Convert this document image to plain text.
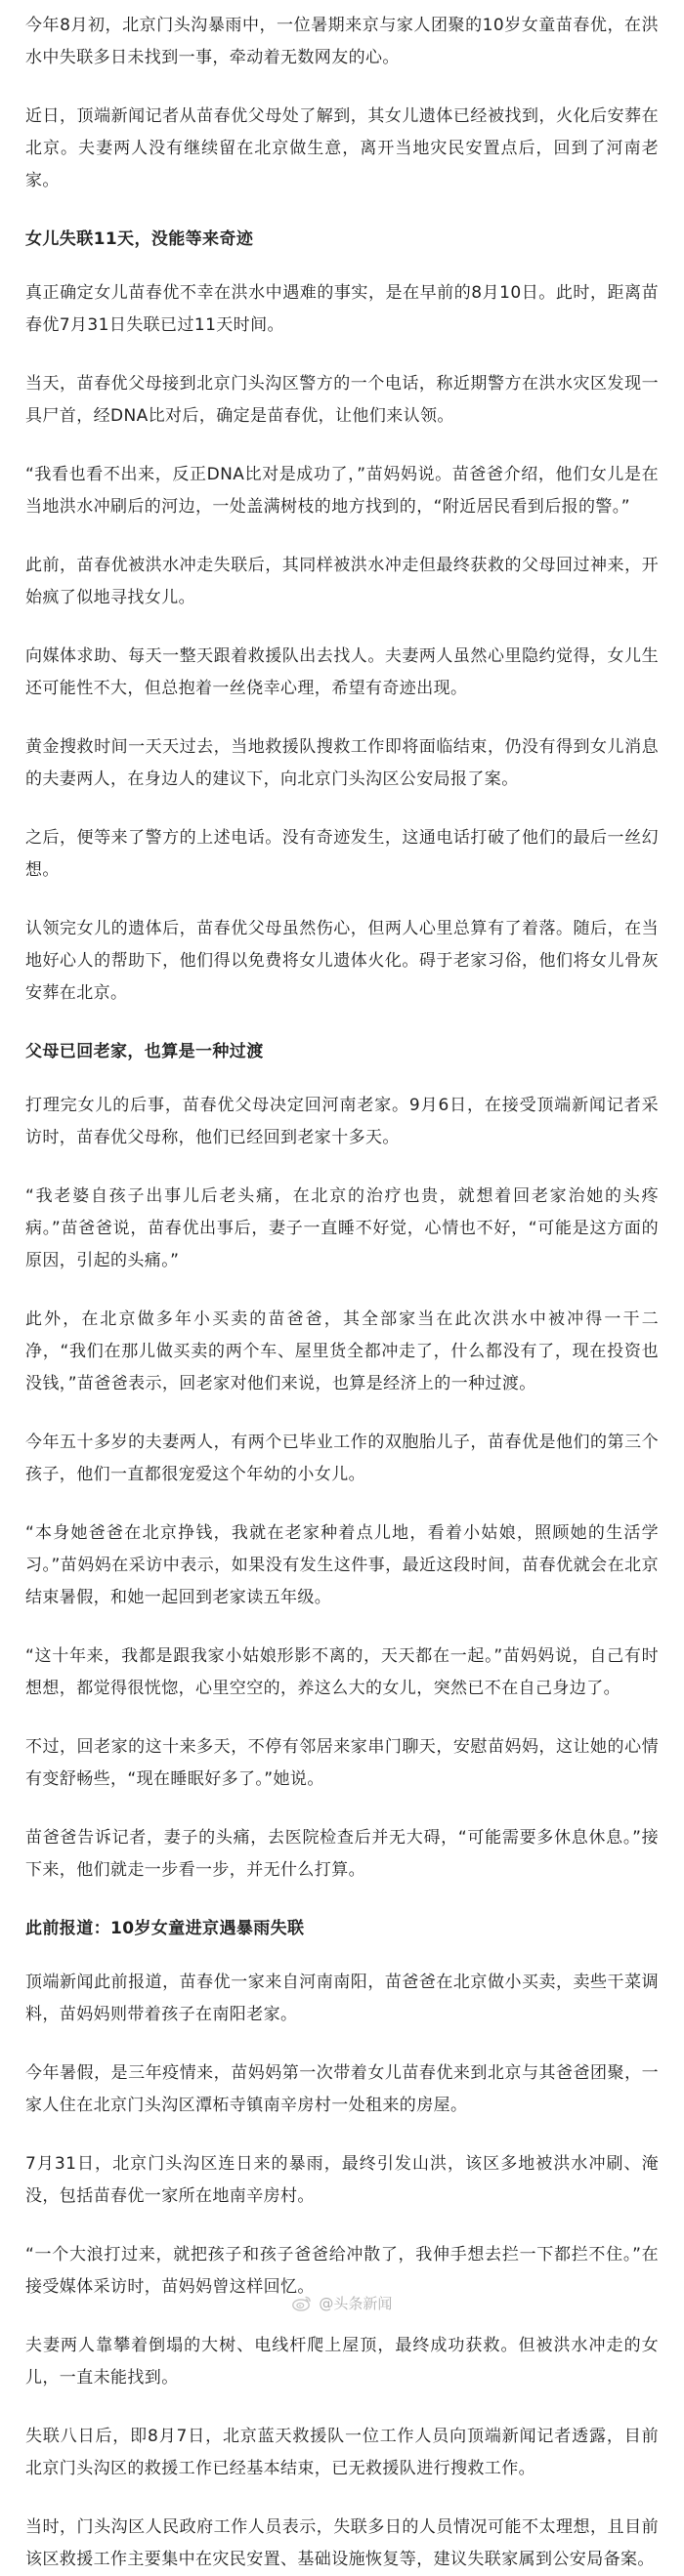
今年8月初，北京门头沟暴雨中，一位暑期来京与家人团聚的10岁女童苗春优，在洪水中失联多日未找到一事，牵动着无数网友的心。

近日，顶端新闻记者从苗春优父母处了解到，其女儿遗体已经被找到，火化后安葬在北京。夫妻两人没有继续留在北京做生意，离开当地灾民安置点后，回到了河南老家。

女儿失联11天，没能等来奇迹

真正确定女儿苗春优不幸在洪水中遇难的事实，是在早前的8月10日。此时，距离苗春优7月31日失联已过11天时间。

当天，苗春优父母接到北京门头沟区警方的一个电话，称近期警方在洪水灾区发现一具尸首，经DNA比对后，确定是苗春优，让他们来认领。

“我看也看不出来，反正DNA比对是成功了，”苗妈妈说。苗爸爸介绍，他们女儿是在当地洪水冲刷后的河边，一处盖满树枝的地方找到的，“附近居民看到后报的警。”

此前，苗春优被洪水冲走失联后，其同样被洪水冲走但最终获救的父母回过神来，开始疯了似地寻找女儿。

向媒体求助、每天一整天跟着救援队出去找人。夫妻两人虽然心里隐约觉得，女儿生还可能性不大，但总抱着一丝侥幸心理，希望有奇迹出现。

黄金搜救时间一天天过去，当地救援队搜救工作即将面临结束，仍没有得到女儿消息的夫妻两人，在身边人的建议下，向北京门头沟区公安局报了案。

之后，便等来了警方的上述电话。没有奇迹发生，这通电话打破了他们的最后一丝幻想。

认领完女儿的遗体后，苗春优父母虽然伤心，但两人心里总算有了着落。随后，在当地好心人的帮助下，他们得以免费将女儿遗体火化。碍于老家习俗，他们将女儿骨灰安葬在北京。

父母已回老家，也算是一种过渡

打理完女儿的后事，苗春优父母决定回河南老家。9月6日，在接受顶端新闻记者采访时，苗春优父母称，他们已经回到老家十多天。

“我老婆自孩子出事儿后老头痛，在北京的治疗也贵，就想着回老家治她的头疼病。”苗爸爸说，苗春优出事后，妻子一直睡不好觉，心情也不好，“可能是这方面的原因，引起的头痛。”

此外，在北京做多年小买卖的苗爸爸，其全部家当在此次洪水中被冲得一干二净，“我们在那儿做买卖的两个车、屋里货全都冲走了，什么都没有了，现在投资也没钱，”苗爸爸表示，回老家对他们来说，也算是经济上的一种过渡。

今年五十多岁的夫妻两人，有两个已毕业工作的双胞胎儿子，苗春优是他们的第三个孩子，他们一直都很宠爱这个年幼的小女儿。

“本身她爸爸在北京挣钱，我就在老家种着点儿地，看着小姑娘，照顾她的生活学习。”苗妈妈在采访中表示，如果没有发生这件事，最近这段时间，苗春优就会在北京结束暑假，和她一起回到老家读五年级。

“这十年来，我都是跟我家小姑娘形影不离的，天天都在一起。”苗妈妈说，自己有时想想，都觉得很恍惚，心里空空的，养这么大的女儿，突然已不在自己身边了。

不过，回老家的这十来多天，不停有邻居来家串门聊天，安慰苗妈妈，这让她的心情有变舒畅些，“现在睡眠好多了。”她说。

苗爸爸告诉记者，妻子的头痛，去医院检查后并无大碍，“可能需要多休息休息。”接下来，他们就走一步看一步，并无什么打算。

此前报道：10岁女童进京遇暴雨失联

顶端新闻此前报道，苗春优一家来自河南南阳，苗爸爸在北京做小买卖，卖些干菜调料，苗妈妈则带着孩子在南阳老家。

今年暑假，是三年疫情来，苗妈妈第一次带着女儿苗春优来到北京与其爸爸团聚，一家人住在北京门头沟区潭柘寺镇南辛房村一处租来的房屋。

7月31日，北京门头沟区连日来的暴雨，最终引发山洪，该区多地被洪水冲刷、淹没，包括苗春优一家所在地南辛房村。

“一个大浪打过来，就把孩子和孩子爸爸给冲散了，我伸手想去拦一下都拦不住。”在接受媒体采访时，苗妈妈曾这样回忆。

夫妻两人靠攀着倒塌的大树、电线杆爬上屋顶，最终成功获救。但被洪水冲走的女儿，一直未能找到。

失联八日后，即8月7日，北京蓝天救援队一位工作人员向顶端新闻记者透露，目前北京门头沟区的救援工作已经基本结束，已无救援队进行搜救工作。

当时，门头沟区人民政府工作人员表示，失联多日的人员情况可能不太理想，且目前该区救援工作主要集中在灾民安置、基础设施恢复等，建议失联家属到公安局备案。

@头条新闻
